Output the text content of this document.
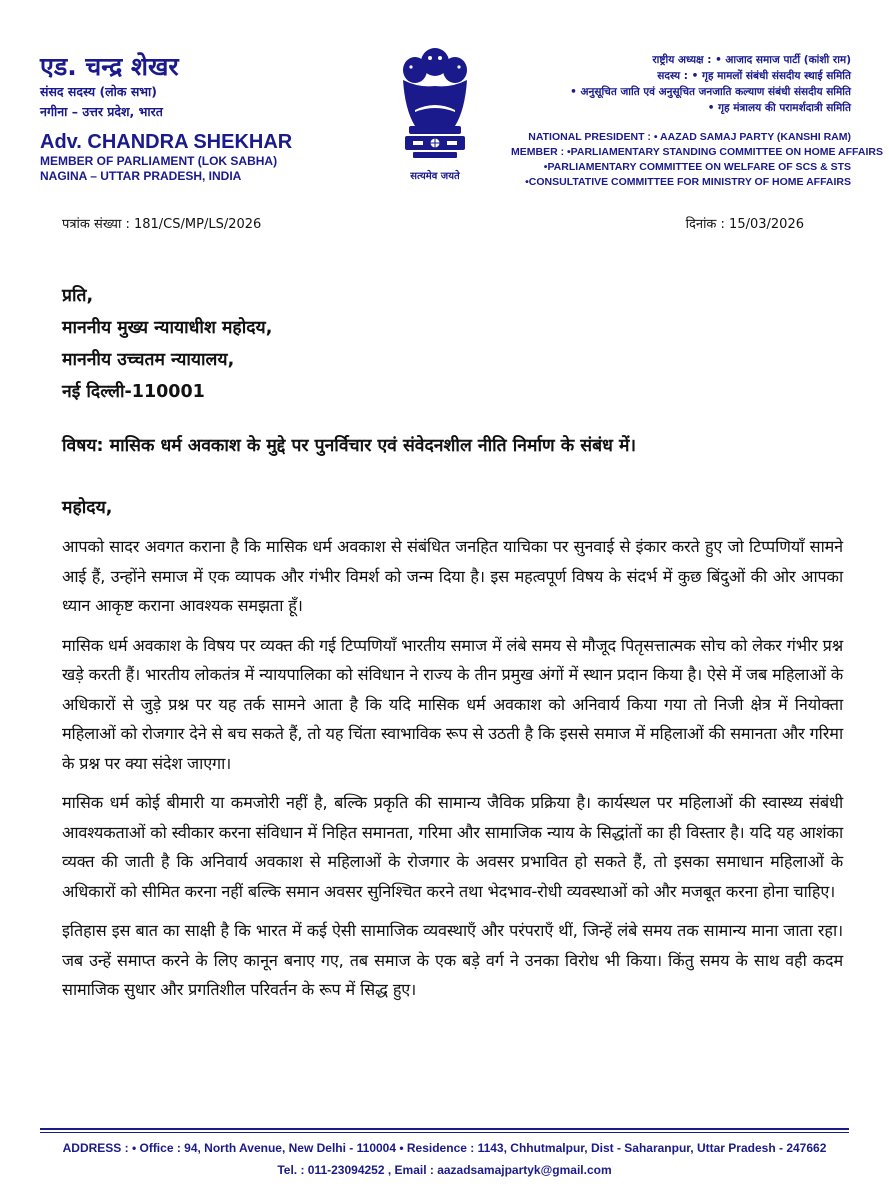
एड. चन्द्र शेखर
संसद सदस्य (लोक सभा)
नगीना – उत्तर प्रदेश, भारत
Adv. CHANDRA SHEKHAR
MEMBER OF PARLIAMENT (LOK SABHA)
NAGINA – UTTAR PRADESH, INDIA	सत्यमेव जयते
राष्ट्रीय अध्यक्ष : • आजाद समाज पार्टी (कांशी राम)
सदस्य : • गृह मामलों संबंधी संसदीय स्थाई समिति
• अनुसूचित जाति एवं अनुसूचित जनजाति कल्याण संबंधी संसदीय समिति
• गृह मंत्रालय की परामर्शदात्री समिति
NATIONAL PRESIDENT : • AAZAD SAMAJ PARTY (KANSHI RAM)
MEMBER : •PARLIAMENTARY STANDING COMMITTEE ON HOME AFFAIRS
•PARLIAMENTARY COMMITTEE ON WELFARE OF SCS & STS
•CONSULTATIVE COMMITTEE FOR MINISTRY OF HOME AFFAIRS
पत्रांक संख्या : 181/CS/MP/LS/2026	दिनांक : 15/03/2026
प्रति,
माननीय मुख्य न्यायाधीश महोदय,
माननीय उच्चतम न्यायालय,
नई दिल्ली-110001
विषय: मासिक धर्म अवकाश के मुद्दे पर पुनर्विचार एवं संवेदनशील नीति निर्माण के संबंध में।
महोदय,
आपको सादर अवगत कराना है कि मासिक धर्म अवकाश से संबंधित जनहित याचिका पर सुनवाई से इंकार करते हुए जो टिप्पणियाँ सामने आई हैं, उन्होंने समाज में एक व्यापक और गंभीर विमर्श को जन्म दिया है। इस महत्वपूर्ण विषय के संदर्भ में कुछ बिंदुओं की ओर आपका ध्यान आकृष्ट कराना आवश्यक समझता हूँ।
मासिक धर्म अवकाश के विषय पर व्यक्त की गई टिप्पणियाँ भारतीय समाज में लंबे समय से मौजूद पितृसत्तात्मक सोच को लेकर गंभीर प्रश्न खड़े करती हैं। भारतीय लोकतंत्र में न्यायपालिका को संविधान ने राज्य के तीन प्रमुख अंगों में स्थान प्रदान किया है। ऐसे में जब महिलाओं के अधिकारों से जुड़े प्रश्न पर यह तर्क सामने आता है कि यदि मासिक धर्म अवकाश को अनिवार्य किया गया तो निजी क्षेत्र में नियोक्ता महिलाओं को रोजगार देने से बच सकते हैं, तो यह चिंता स्वाभाविक रूप से उठती है कि इससे समाज में महिलाओं की समानता और गरिमा के प्रश्न पर क्या संदेश जाएगा।
मासिक धर्म कोई बीमारी या कमजोरी नहीं है, बल्कि प्रकृति की सामान्य जैविक प्रक्रिया है। कार्यस्थल पर महिलाओं की स्वास्थ्य संबंधी आवश्यकताओं को स्वीकार करना संविधान में निहित समानता, गरिमा और सामाजिक न्याय के सिद्धांतों का ही विस्तार है। यदि यह आशंका व्यक्त की जाती है कि अनिवार्य अवकाश से महिलाओं के रोजगार के अवसर प्रभावित हो सकते हैं, तो इसका समाधान महिलाओं के अधिकारों को सीमित करना नहीं बल्कि समान अवसर सुनिश्चित करने तथा भेदभाव-रोधी व्यवस्थाओं को और मजबूत करना होना चाहिए।
इतिहास इस बात का साक्षी है कि भारत में कई ऐसी सामाजिक व्यवस्थाएँ और परंपराएँ थीं, जिन्हें लंबे समय तक सामान्य माना जाता रहा। जब उन्हें समाप्त करने के लिए कानून बनाए गए, तब समाज के एक बड़े वर्ग ने उनका विरोध भी किया। किंतु समय के साथ वही कदम सामाजिक सुधार और प्रगतिशील परिवर्तन के रूप में सिद्ध हुए।
ADDRESS : • Office : 94, North Avenue, New Delhi - 110004 • Residence : 1143, Chhutmalpur, Dist - Saharanpur, Uttar Pradesh - 247662
Tel. : 011-23094252 , Email : aazadsamajpartyk@gmail.com
